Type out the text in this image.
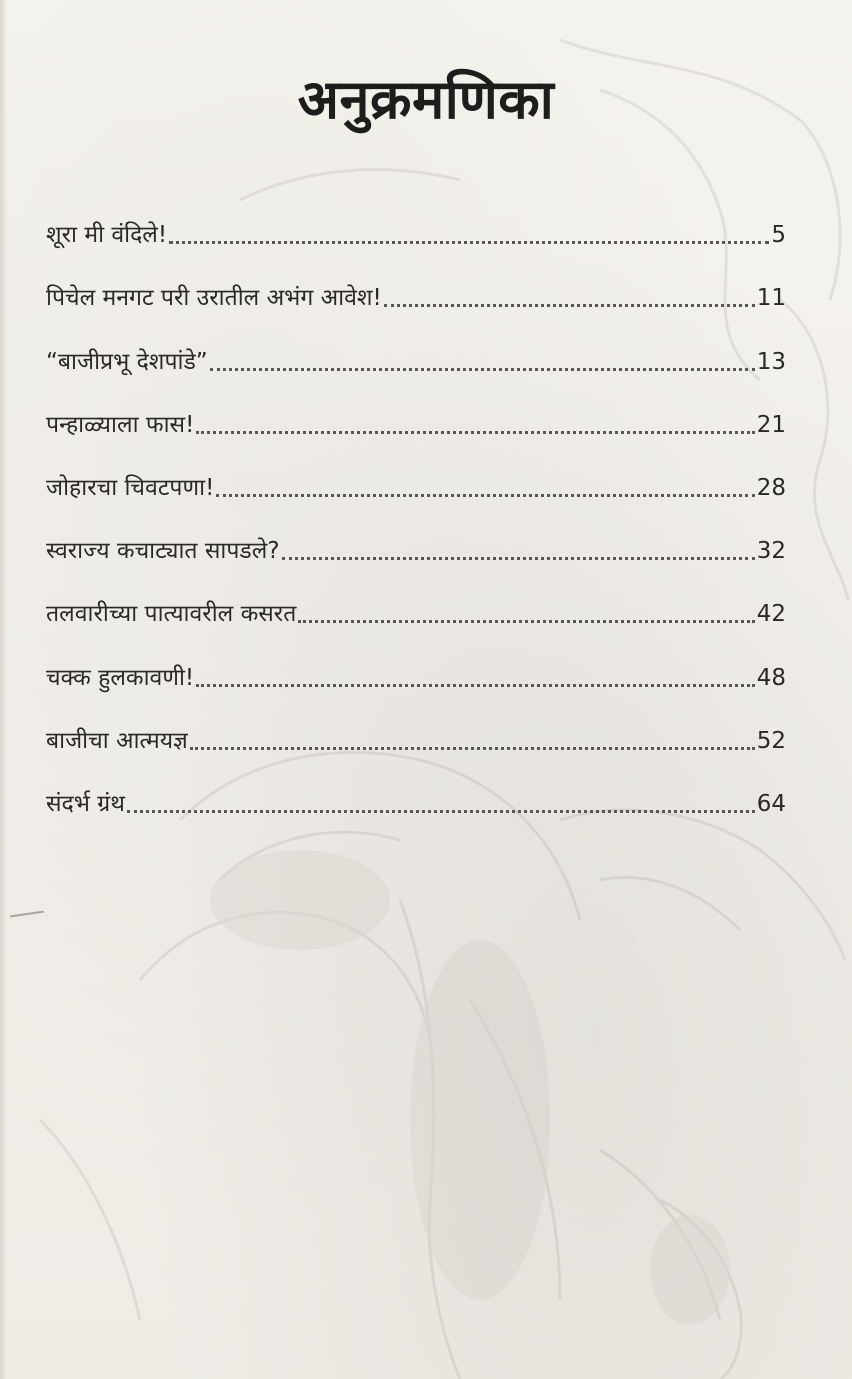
अनुक्रमणिका
शूरा मी वंदिले!	5
पिचेल मनगट परी उरातील अभंग आवेश!	11
“बाजीप्रभू देशपांडे”	13
पन्हाळ्याला फास!	21
जोहारचा चिवटपणा!	28
स्वराज्य कचाट्यात सापडले?	32
तलवारीच्या पात्यावरील कसरत	42
चक्क हुलकावणी!	48
बाजीचा आत्मयज्ञ	52
संदर्भ ग्रंथ	64
